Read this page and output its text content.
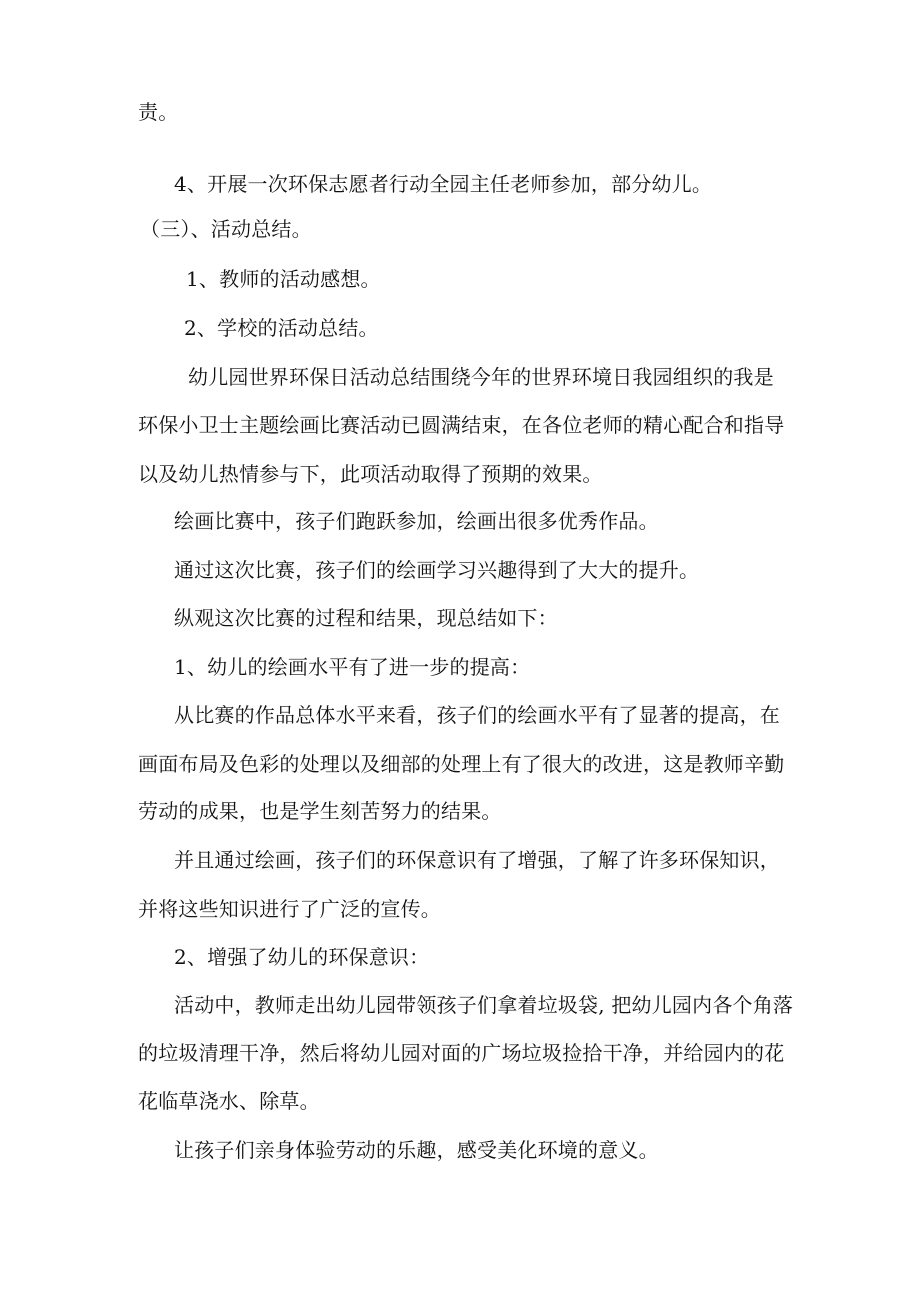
责。
4、开展一次环保志愿者行动全园主任老师参加，部分幼儿。
（三）、活动总结。
1、教师的活动感想。
2、学校的活动总结。
幼儿园世界环保日活动总结围绕今年的世界环境日我园组织的我是
环保小卫士主题绘画比赛活动已圆满结束，在各位老师的精心配合和指导
以及幼儿热情参与下，此项活动取得了预期的效果。
绘画比赛中，孩子们跑跃参加，绘画出很多优秀作品。
通过这次比赛，孩子们的绘画学习兴趣得到了大大的提升。
纵观这次比赛的过程和结果，现总结如下：
1、幼儿的绘画水平有了进一步的提高：
从比赛的作品总体水平来看，孩子们的绘画水平有了显著的提高，在
画面布局及色彩的处理以及细部的处理上有了很大的改进，这是教师辛勤
劳动的成果，也是学生刻苦努力的结果。
并且通过绘画，孩子们的环保意识有了增强，了解了许多环保知识，
并将这些知识进行了广泛的宣传。
2、增强了幼儿的环保意识：
活动中，教师走出幼儿园带领孩子们拿着垃圾袋, 把幼儿园内各个角落
的垃圾清理干净，然后将幼儿园对面的广场垃圾捡拾干净，并给园内的花
花临草浇水、除草。
让孩子们亲身体验劳动的乐趣，感受美化环境的意义。
